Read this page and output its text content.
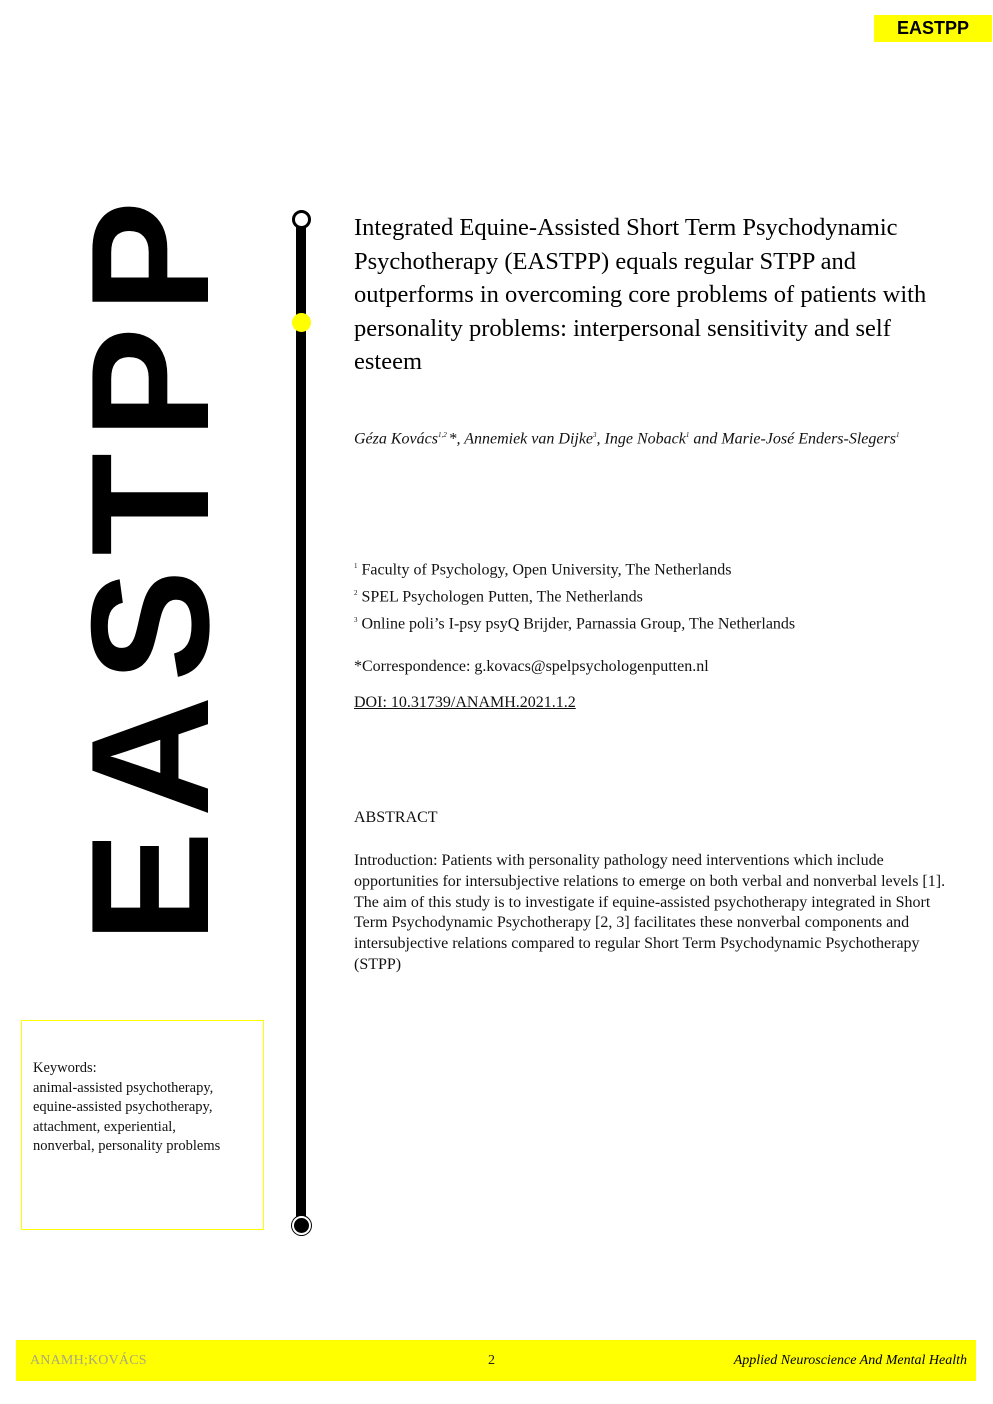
EASTPP
EASTPP	Integrated Equine-Assisted Short Term Psychodynamic Psychotherapy (EASTPP) equals regular STPP and outperforms in overcoming core problems of patients with personality problems: interpersonal sensitivity and self esteem
Géza Kovács$^{1,2}$ *, Annemiek van Dijke$^3$, Inge Noback$^1$ and Marie-José Enders-Slegers$^1$
$^1$ Faculty of Psychology, Open University, The Netherlands
$^2$ SPEL Psychologen Putten, The Netherlands
$^3$ Online poli’s I-psy psyQ Brijder, Parnassia Group, The Netherlands
*Correspondence: g.kovacs@spelpsychologenputten.nl
DOI: 10.31739/ANAMH.2021.1.2
ABSTRACT
Introduction: Patients with personality pathology need interventions which include opportunities for intersubjective relations to emerge on both verbal and nonverbal levels [1]. The aim of this study is to investigate if equine-assisted psychotherapy integrated in Short Term Psychodynamic Psychotherapy [2, 3] facilitates these nonverbal components and intersubjective relations compared to regular Short Term Psychodynamic Psychotherapy (STPP)
Keywords:
animal-assisted psychotherapy,
equine-assisted psychotherapy,
attachment, experiential,
nonverbal, personality problems
ANAMH;KOVÁCS	2	Applied Neuroscience And Mental Health
